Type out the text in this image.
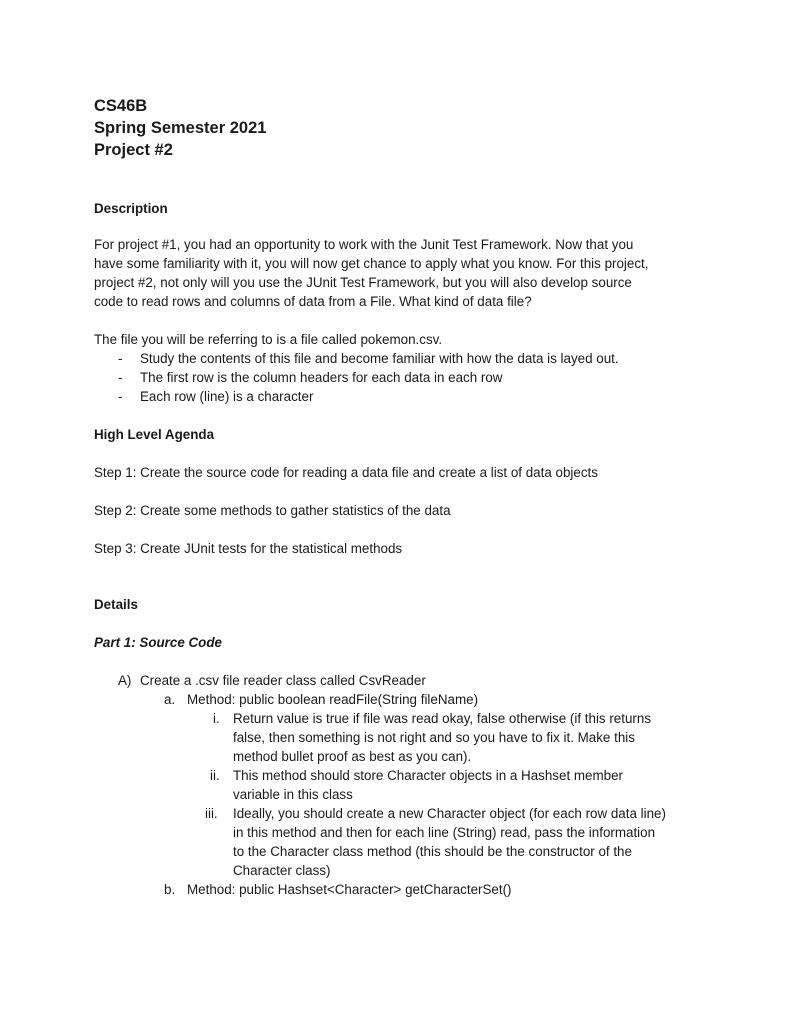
CS46B
Spring Semester 2021
Project #2
Description
For project #1, you had an opportunity to work with the Junit Test Framework. Now that you
have some familiarity with it, you will now get chance to apply what you know. For this project,
project #2, not only will you use the JUnit Test Framework, but you will also develop source
code to read rows and columns of data from a File. What kind of data file?
The file you will be referring to is a file called pokemon.csv.
- Study the contents of this file and become familiar with how the data is layed out.
- The first row is the column headers for each data in each row
- Each row (line) is a character
High Level Agenda
Step 1: Create the source code for reading a data file and create a list of data objects
Step 2: Create some methods to gather statistics of the data
Step 3: Create JUnit tests for the statistical methods
Details
Part 1: Source Code
A) Create a .csv file reader class called CsvReader
a. Method: public boolean readFile(String fileName)
i. Return value is true if file was read okay, false otherwise (if this returns
false, then something is not right and so you have to fix it. Make this
method bullet proof as best as you can).
ii. This method should store Character objects in a Hashset member
variable in this class
iii. Ideally, you should create a new Character object (for each row data line)
in this method and then for each line (String) read, pass the information
to the Character class method (this should be the constructor of the
Character class)
b. Method: public Hashset<Character> getCharacterSet()
